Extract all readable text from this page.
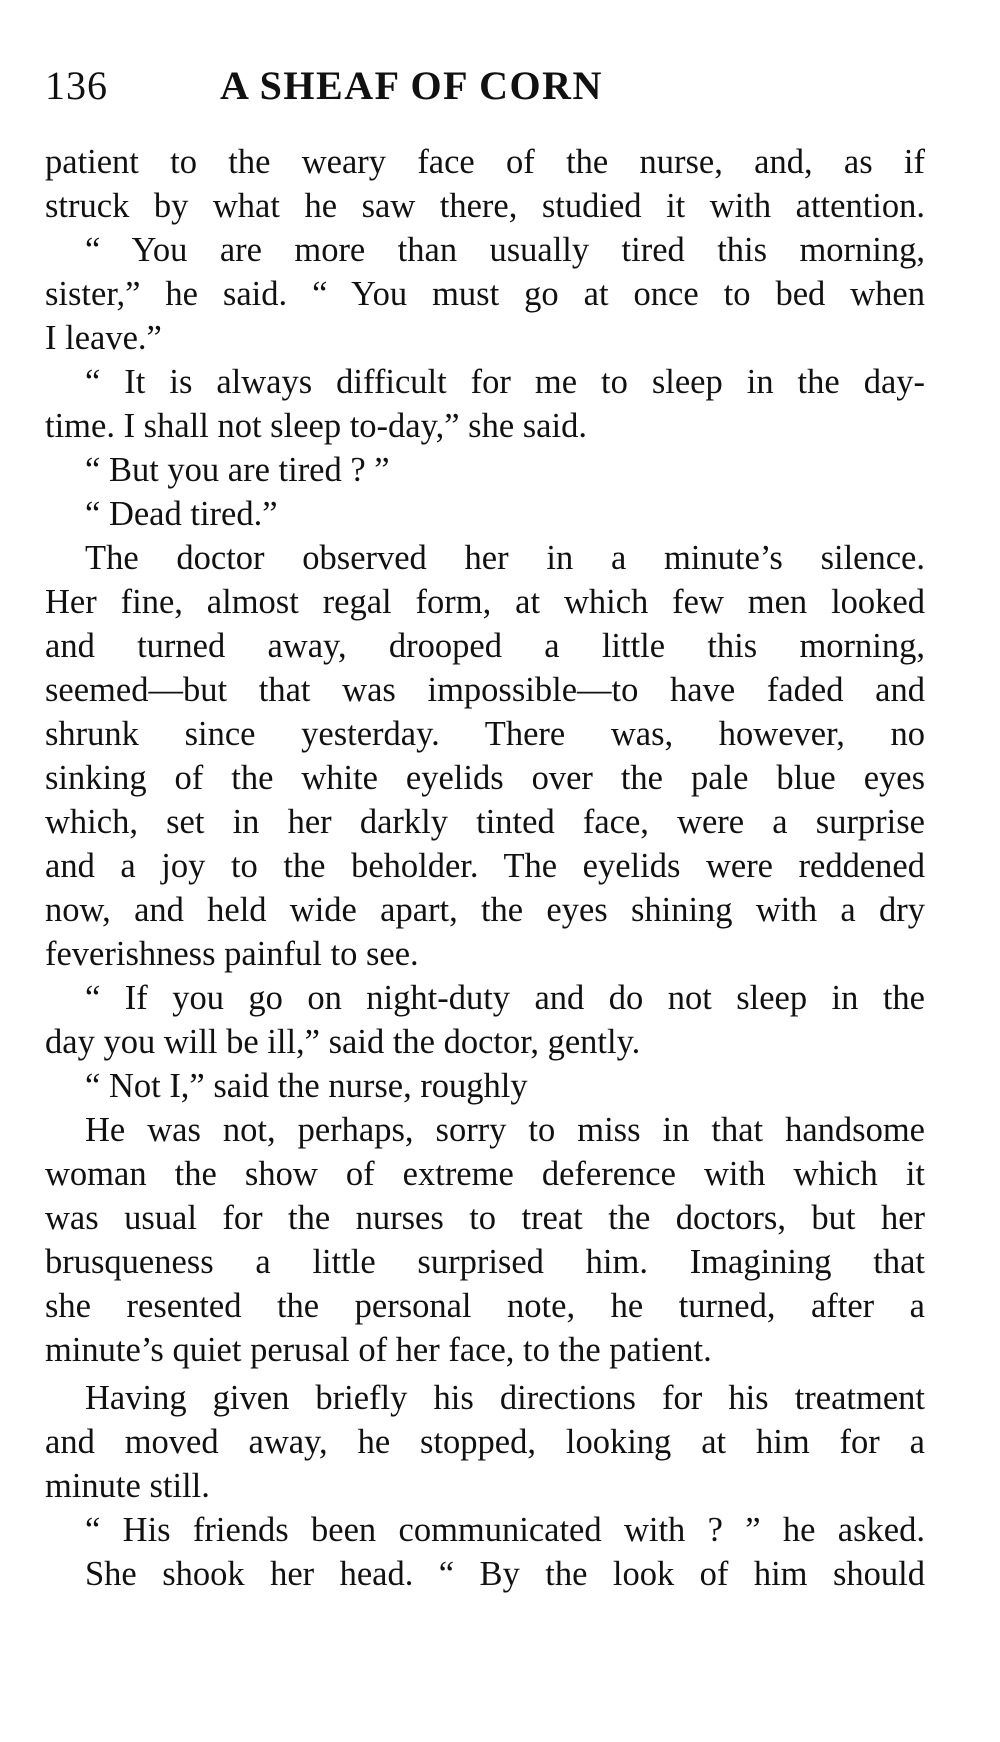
136	A SHEAF OF CORN
patient to the weary face of the nurse, and, as if
struck by what he saw there, studied it with attention.
“ You are more than usually tired this morning,
sister,” he said. “ You must go at once to bed when
I leave.”
“ It is always difficult for me to sleep in the day-
time. I shall not sleep to-day,” she said.
“ But you are tired ? ”
“ Dead tired.”
The doctor observed her in a minute’s silence.
Her fine, almost regal form, at which few men looked
and turned away, drooped a little this morning,
seemed—but that was impossible—to have faded and
shrunk since yesterday. There was, however, no
sinking of the white eyelids over the pale blue eyes
which, set in her darkly tinted face, were a surprise
and a joy to the beholder. The eyelids were reddened
now, and held wide apart, the eyes shining with a dry
feverishness painful to see.
“ If you go on night-duty and do not sleep in the
day you will be ill,” said the doctor, gently.
“ Not I,” said the nurse, roughly
He was not, perhaps, sorry to miss in that handsome
woman the show of extreme deference with which it
was usual for the nurses to treat the doctors, but her
brusqueness a little surprised him. Imagining that
she resented the personal note, he turned, after a
minute’s quiet perusal of her face, to the patient.
Having given briefly his directions for his treatment
and moved away, he stopped, looking at him for a
minute still.
“ His friends been communicated with ? ” he asked.
She shook her head. “ By the look of him should
